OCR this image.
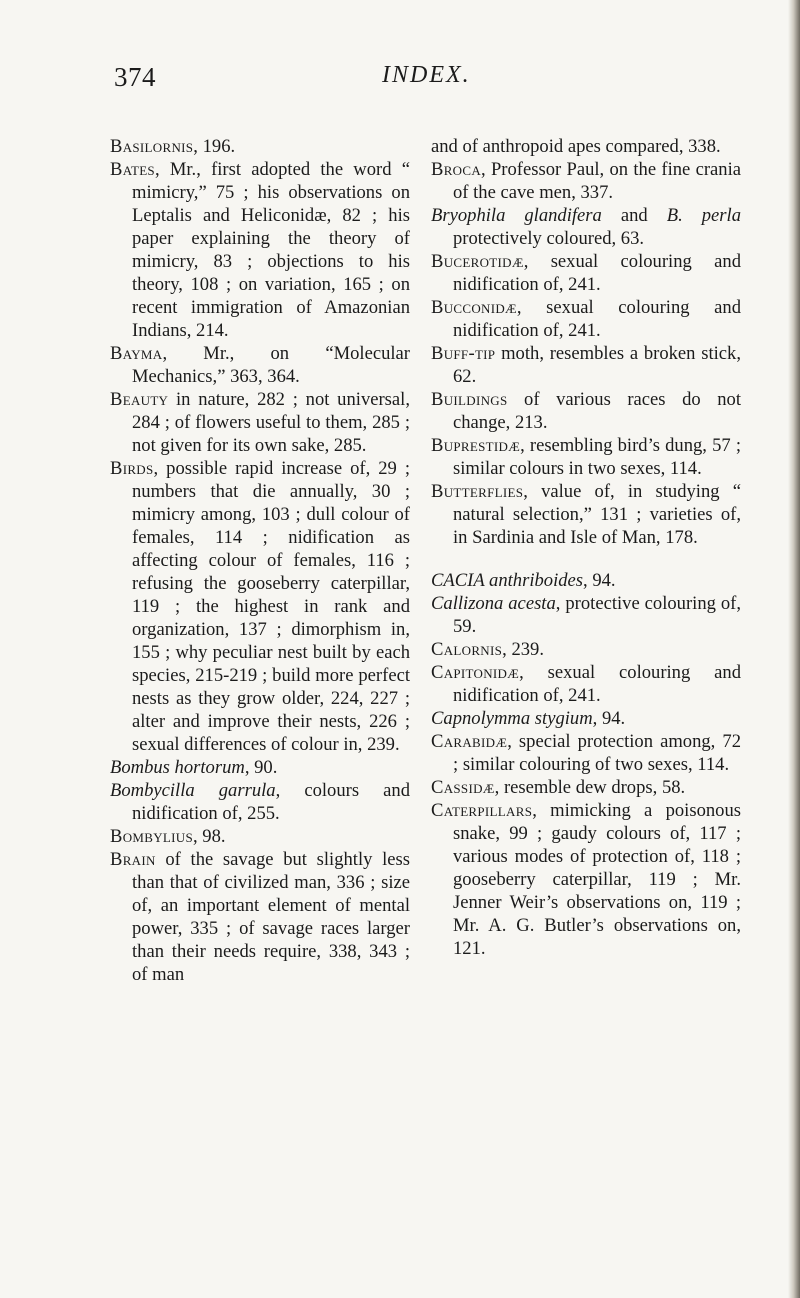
374	INDEX.

Basilornis, 196.

Bates, Mr., first adopted the word “ mimicry,” 75 ; his observations on Leptalis and Heliconidæ, 82 ; his paper explaining the theory of mimicry, 83 ; objections to his theory, 108 ; on variation, 165 ; on recent immigration of Amazonian Indians, 214.

Bayma, Mr., on “Molecular Mechanics,” 363, 364.

Beauty in nature, 282 ; not universal, 284 ; of flowers useful to them, 285 ; not given for its own sake, 285.

Birds, possible rapid increase of, 29 ; numbers that die annually, 30 ; mimicry among, 103 ; dull colour of females, 114 ; nidification as affecting colour of females, 116 ; refusing the gooseberry caterpillar, 119 ; the highest in rank and organization, 137 ; dimorphism in, 155 ; why peculiar nest built by each species, 215-219 ; build more perfect nests as they grow older, 224, 227 ; alter and improve their nests, 226 ; sexual differences of colour in, 239.

Bombus hortorum, 90.

Bombycilla garrula, colours and nidification of, 255.

Bombylius, 98.

Brain of the savage but slightly less than that of civilized man, 336 ; size of, an important element of mental power, 335 ; of savage races larger than their needs require, 338, 343 ; of man

and of anthropoid apes compared, 338.

Broca, Professor Paul, on the fine crania of the cave men, 337.

Bryophila glandifera and B. perla protectively coloured, 63.

Bucerotidæ, sexual colouring and nidification of, 241.

Bucconidæ, sexual colouring and nidification of, 241.

Buff-tip moth, resembles a broken stick, 62.

Buildings of various races do not change, 213.

Buprestidæ, resembling bird’s dung, 57 ; similar colours in two sexes, 114.

Butterflies, value of, in studying “ natural selection,” 131 ; varieties of, in Sardinia and Isle of Man, 178.

CACIA anthriboides, 94.

Callizona acesta, protective colouring of, 59.

Calornis, 239.

Capitonidæ, sexual colouring and nidification of, 241.

Capnolymma stygium, 94.

Carabidæ, special protection among, 72 ; similar colouring of two sexes, 114.

Cassidæ, resemble dew drops, 58.

Caterpillars, mimicking a poisonous snake, 99 ; gaudy colours of, 117 ; various modes of protection of, 118 ; gooseberry caterpillar, 119 ; Mr. Jenner Weir’s observations on, 119 ; Mr. A. G. Butler’s observations on, 121.
